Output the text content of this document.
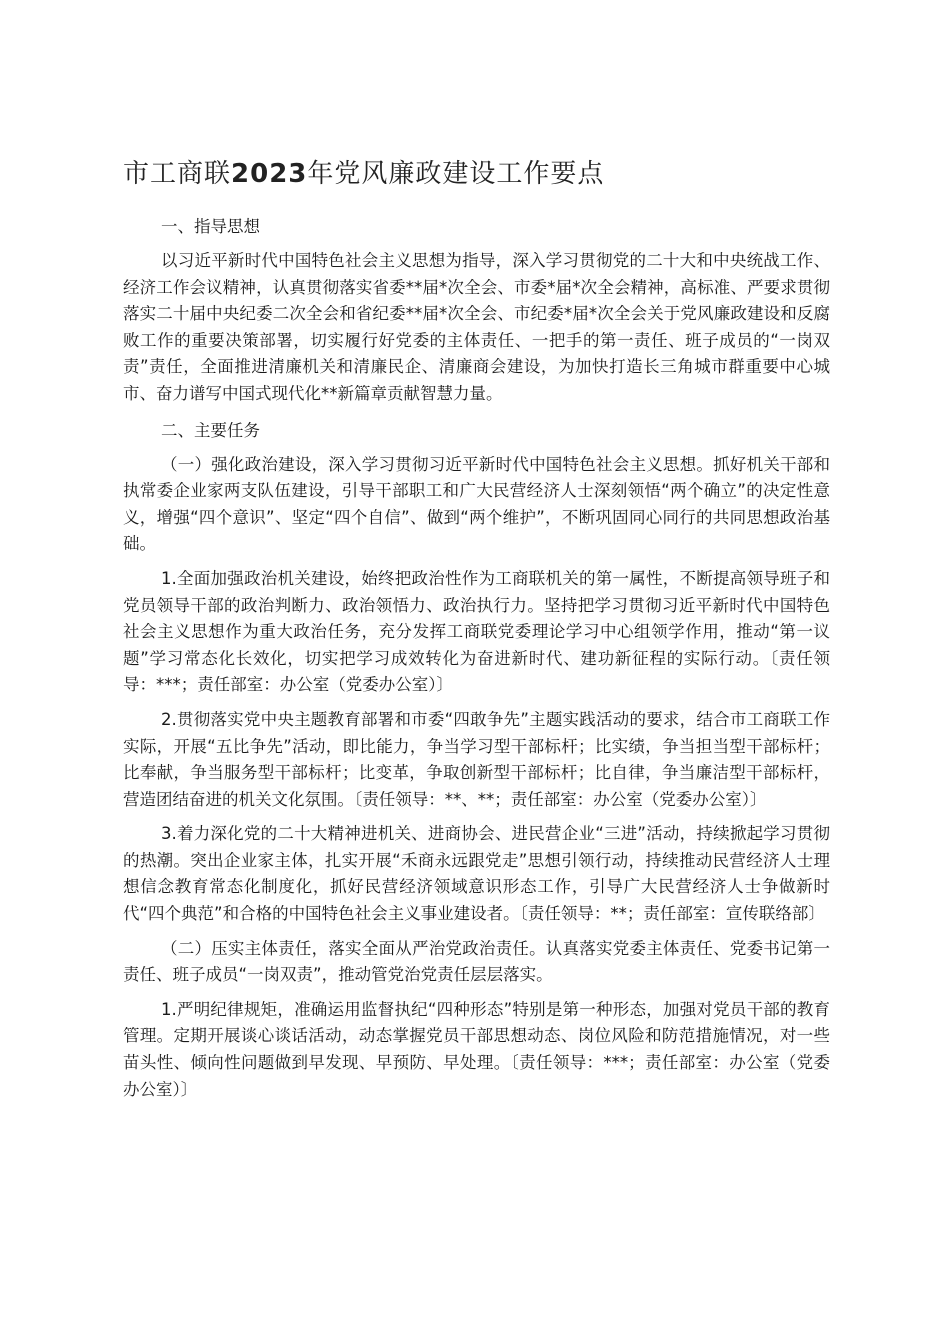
市工商联2023年党风廉政建设工作要点

一、指导思想

以习近平新时代中国特色社会主义思想为指导，深入学习贯彻党的二十大和中央统战工作、经济工作会议精神，认真贯彻落实省委**届*次全会、市委*届*次全会精神，高标准、严要求贯彻落实二十届中央纪委二次全会和省纪委**届*次全会、市纪委*届*次全会关于党风廉政建设和反腐败工作的重要决策部署，切实履行好党委的主体责任、一把手的第一责任、班子成员的“一岗双责”责任，全面推进清廉机关和清廉民企、清廉商会建设，为加快打造长三角城市群重要中心城市、奋力谱写中国式现代化**新篇章贡献智慧力量。

二、主要任务

（一）强化政治建设，深入学习贯彻习近平新时代中国特色社会主义思想。抓好机关干部和执常委企业家两支队伍建设，引导干部职工和广大民营经济人士深刻领悟“两个确立”的决定性意义，增强“四个意识”、坚定“四个自信”、做到“两个维护”，不断巩固同心同行的共同思想政治基础。

1.全面加强政治机关建设，始终把政治性作为工商联机关的第一属性，不断提高领导班子和党员领导干部的政治判断力、政治领悟力、政治执行力。坚持把学习贯彻习近平新时代中国特色社会主义思想作为重大政治任务，充分发挥工商联党委理论学习中心组领学作用，推动“第一议题”学习常态化长效化，切实把学习成效转化为奋进新时代、建功新征程的实际行动。〔责任领导：***；责任部室：办公室（党委办公室）〕

2.贯彻落实党中央主题教育部署和市委“四敢争先”主题实践活动的要求，结合市工商联工作实际，开展“五比争先”活动，即比能力，争当学习型干部标杆；比实绩，争当担当型干部标杆；比奉献，争当服务型干部标杆；比变革，争取创新型干部标杆；比自律，争当廉洁型干部标杆，营造团结奋进的机关文化氛围。〔责任领导：**、**；责任部室：办公室（党委办公室）〕

3.着力深化党的二十大精神进机关、进商协会、进民营企业“三进”活动，持续掀起学习贯彻的热潮。突出企业家主体，扎实开展“禾商永远跟党走”思想引领行动，持续推动民营经济人士理想信念教育常态化制度化，抓好民营经济领域意识形态工作，引导广大民营经济人士争做新时代“四个典范”和合格的中国特色社会主义事业建设者。〔责任领导：**；责任部室：宣传联络部〕

（二）压实主体责任，落实全面从严治党政治责任。认真落实党委主体责任、党委书记第一责任、班子成员“一岗双责”，推动管党治党责任层层落实。

1.严明纪律规矩，准确运用监督执纪“四种形态”特别是第一种形态，加强对党员干部的教育管理。定期开展谈心谈话活动，动态掌握党员干部思想动态、岗位风险和防范措施情况，对一些苗头性、倾向性问题做到早发现、早预防、早处理。〔责任领导：***；责任部室：办公室（党委办公室）〕
